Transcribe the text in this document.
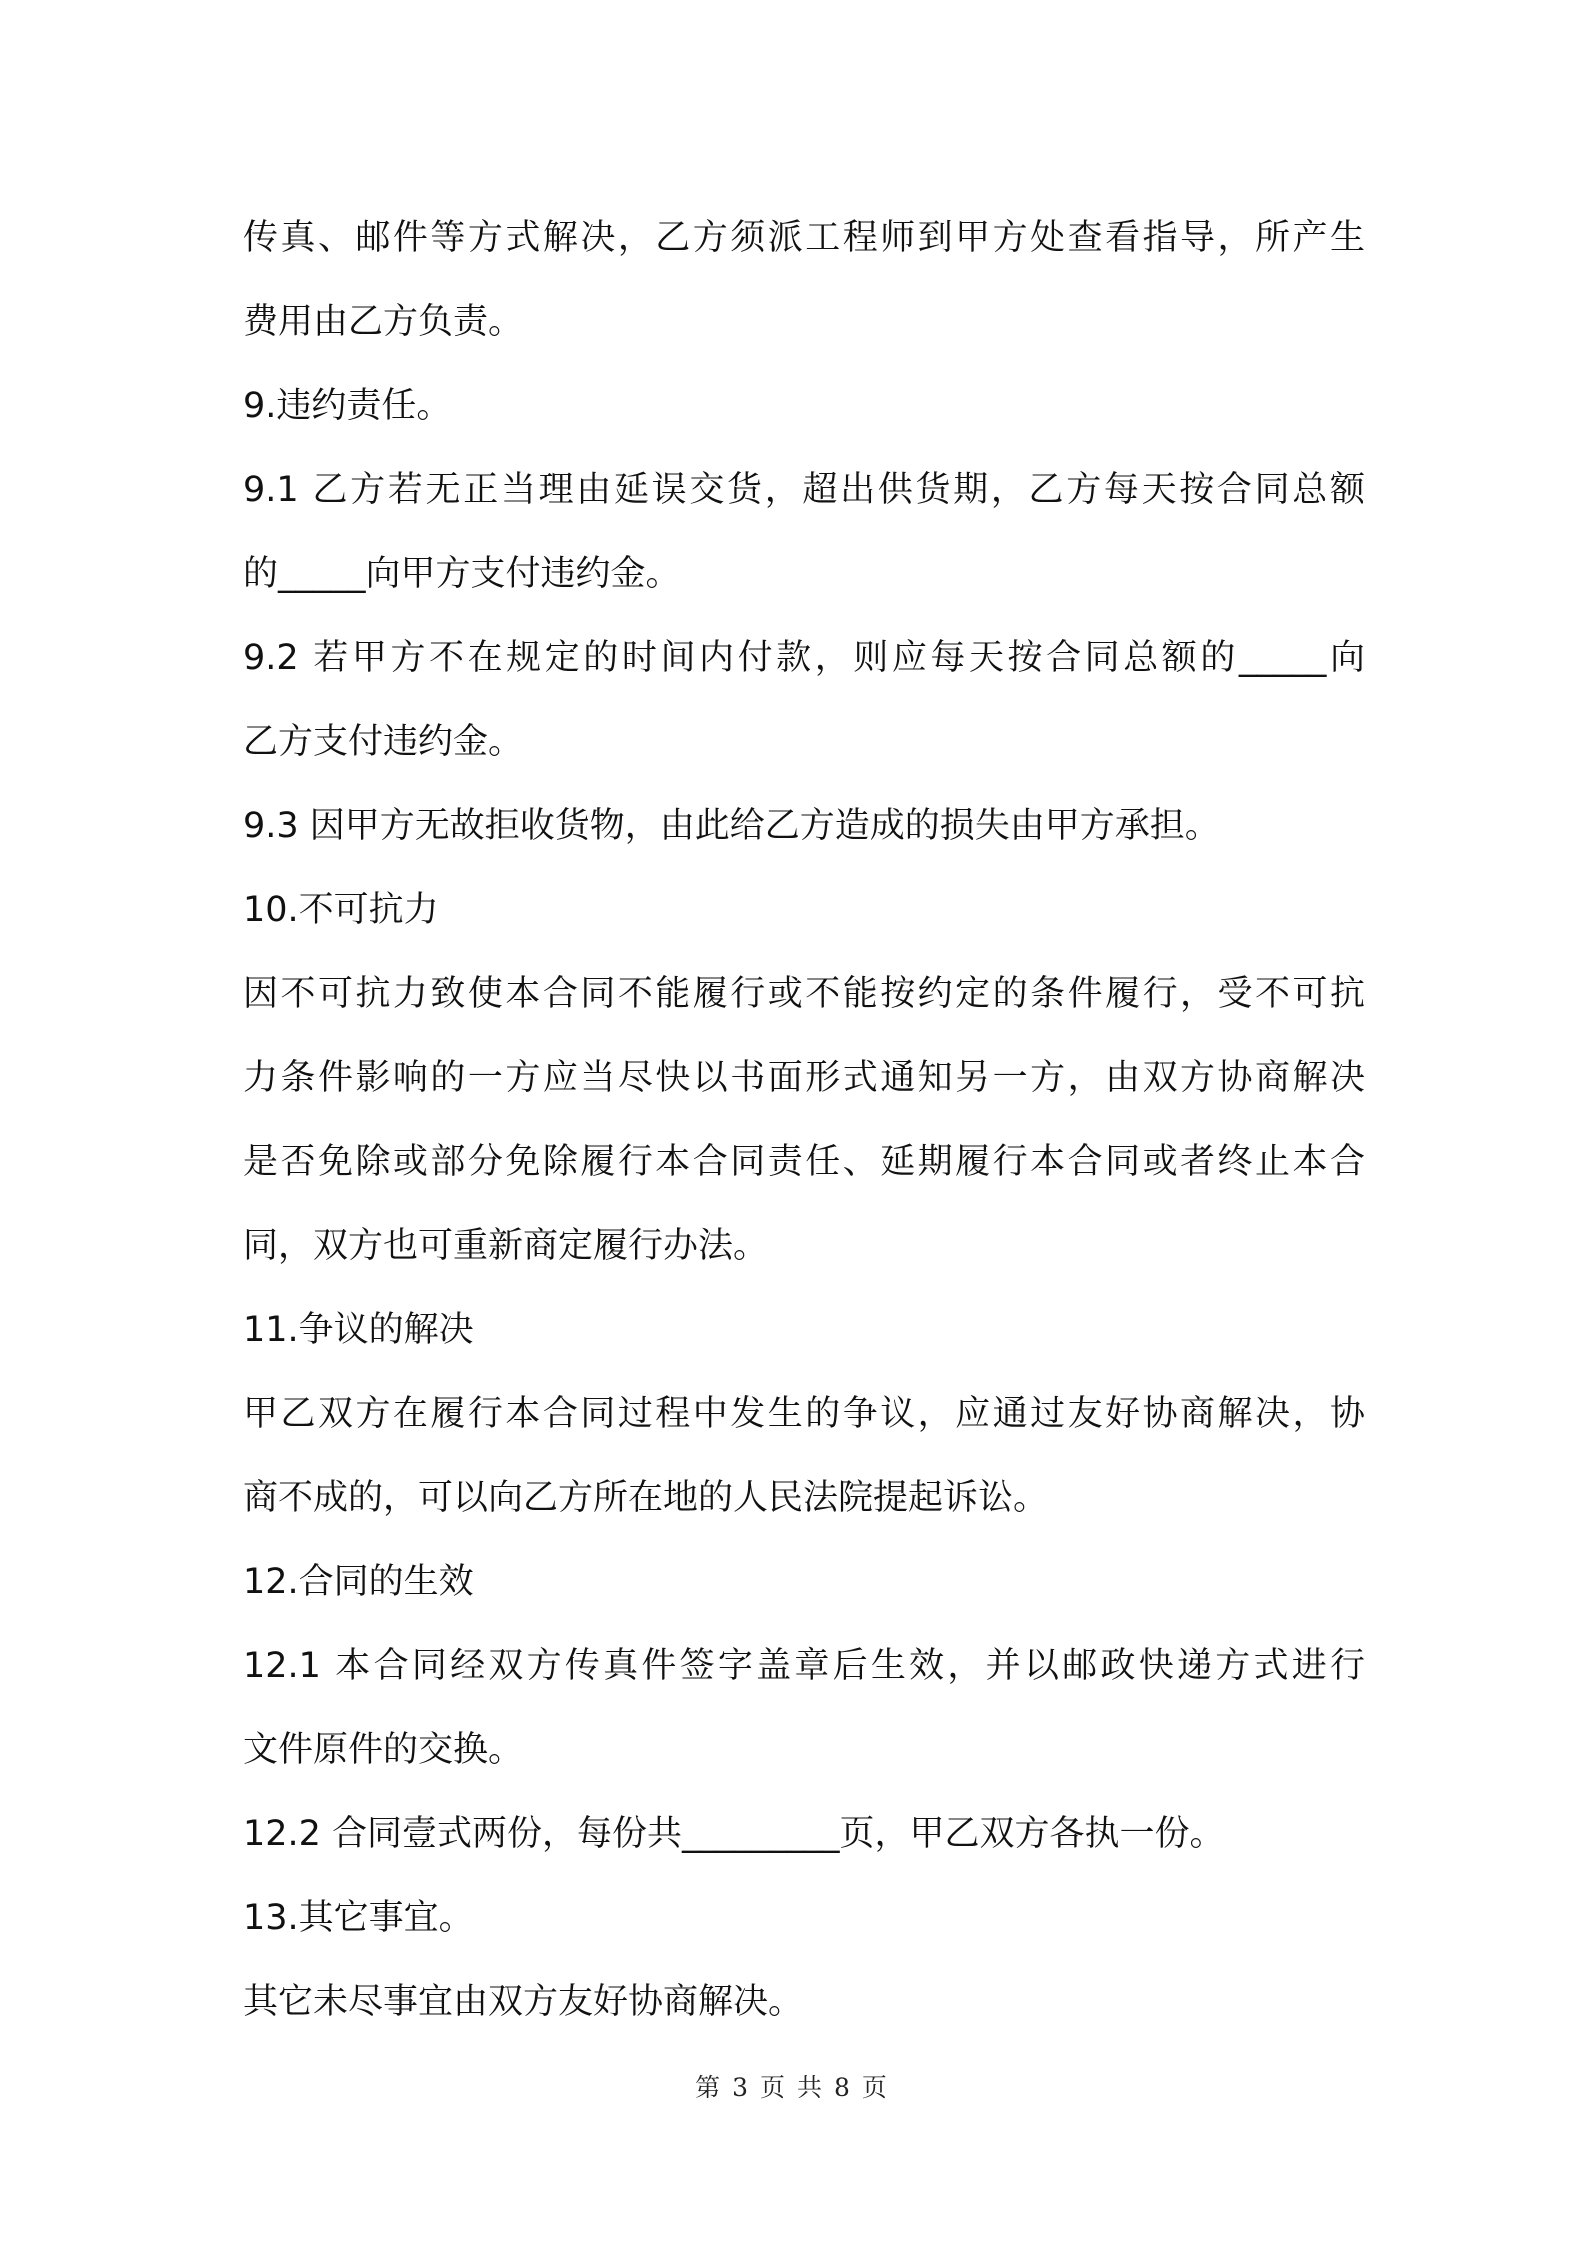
传真、邮件等方式解决，乙方须派工程师到甲方处查看指导，所产生
费用由乙方负责。
9.违约责任。
9.1 乙方若无正当理由延误交货，超出供货期，乙方每天按合同总额
的_____向甲方支付违约金。
9.2 若甲方不在规定的时间内付款，则应每天按合同总额的_____向
乙方支付违约金。
9.3 因甲方无故拒收货物，由此给乙方造成的损失由甲方承担。
10.不可抗力
因不可抗力致使本合同不能履行或不能按约定的条件履行，受不可抗
力条件影响的一方应当尽快以书面形式通知另一方，由双方协商解决
是否免除或部分免除履行本合同责任、延期履行本合同或者终止本合
同，双方也可重新商定履行办法。
11.争议的解决
甲乙双方在履行本合同过程中发生的争议，应通过友好协商解决，协
商不成的，可以向乙方所在地的人民法院提起诉讼。
12.合同的生效
12.1 本合同经双方传真件签字盖章后生效，并以邮政快递方式进行
文件原件的交换。
12.2 合同壹式两份，每份共_________页，甲乙双方各执一份。
13.其它事宜。
其它未尽事宜由双方友好协商解决。
第 3 页 共 8 页
